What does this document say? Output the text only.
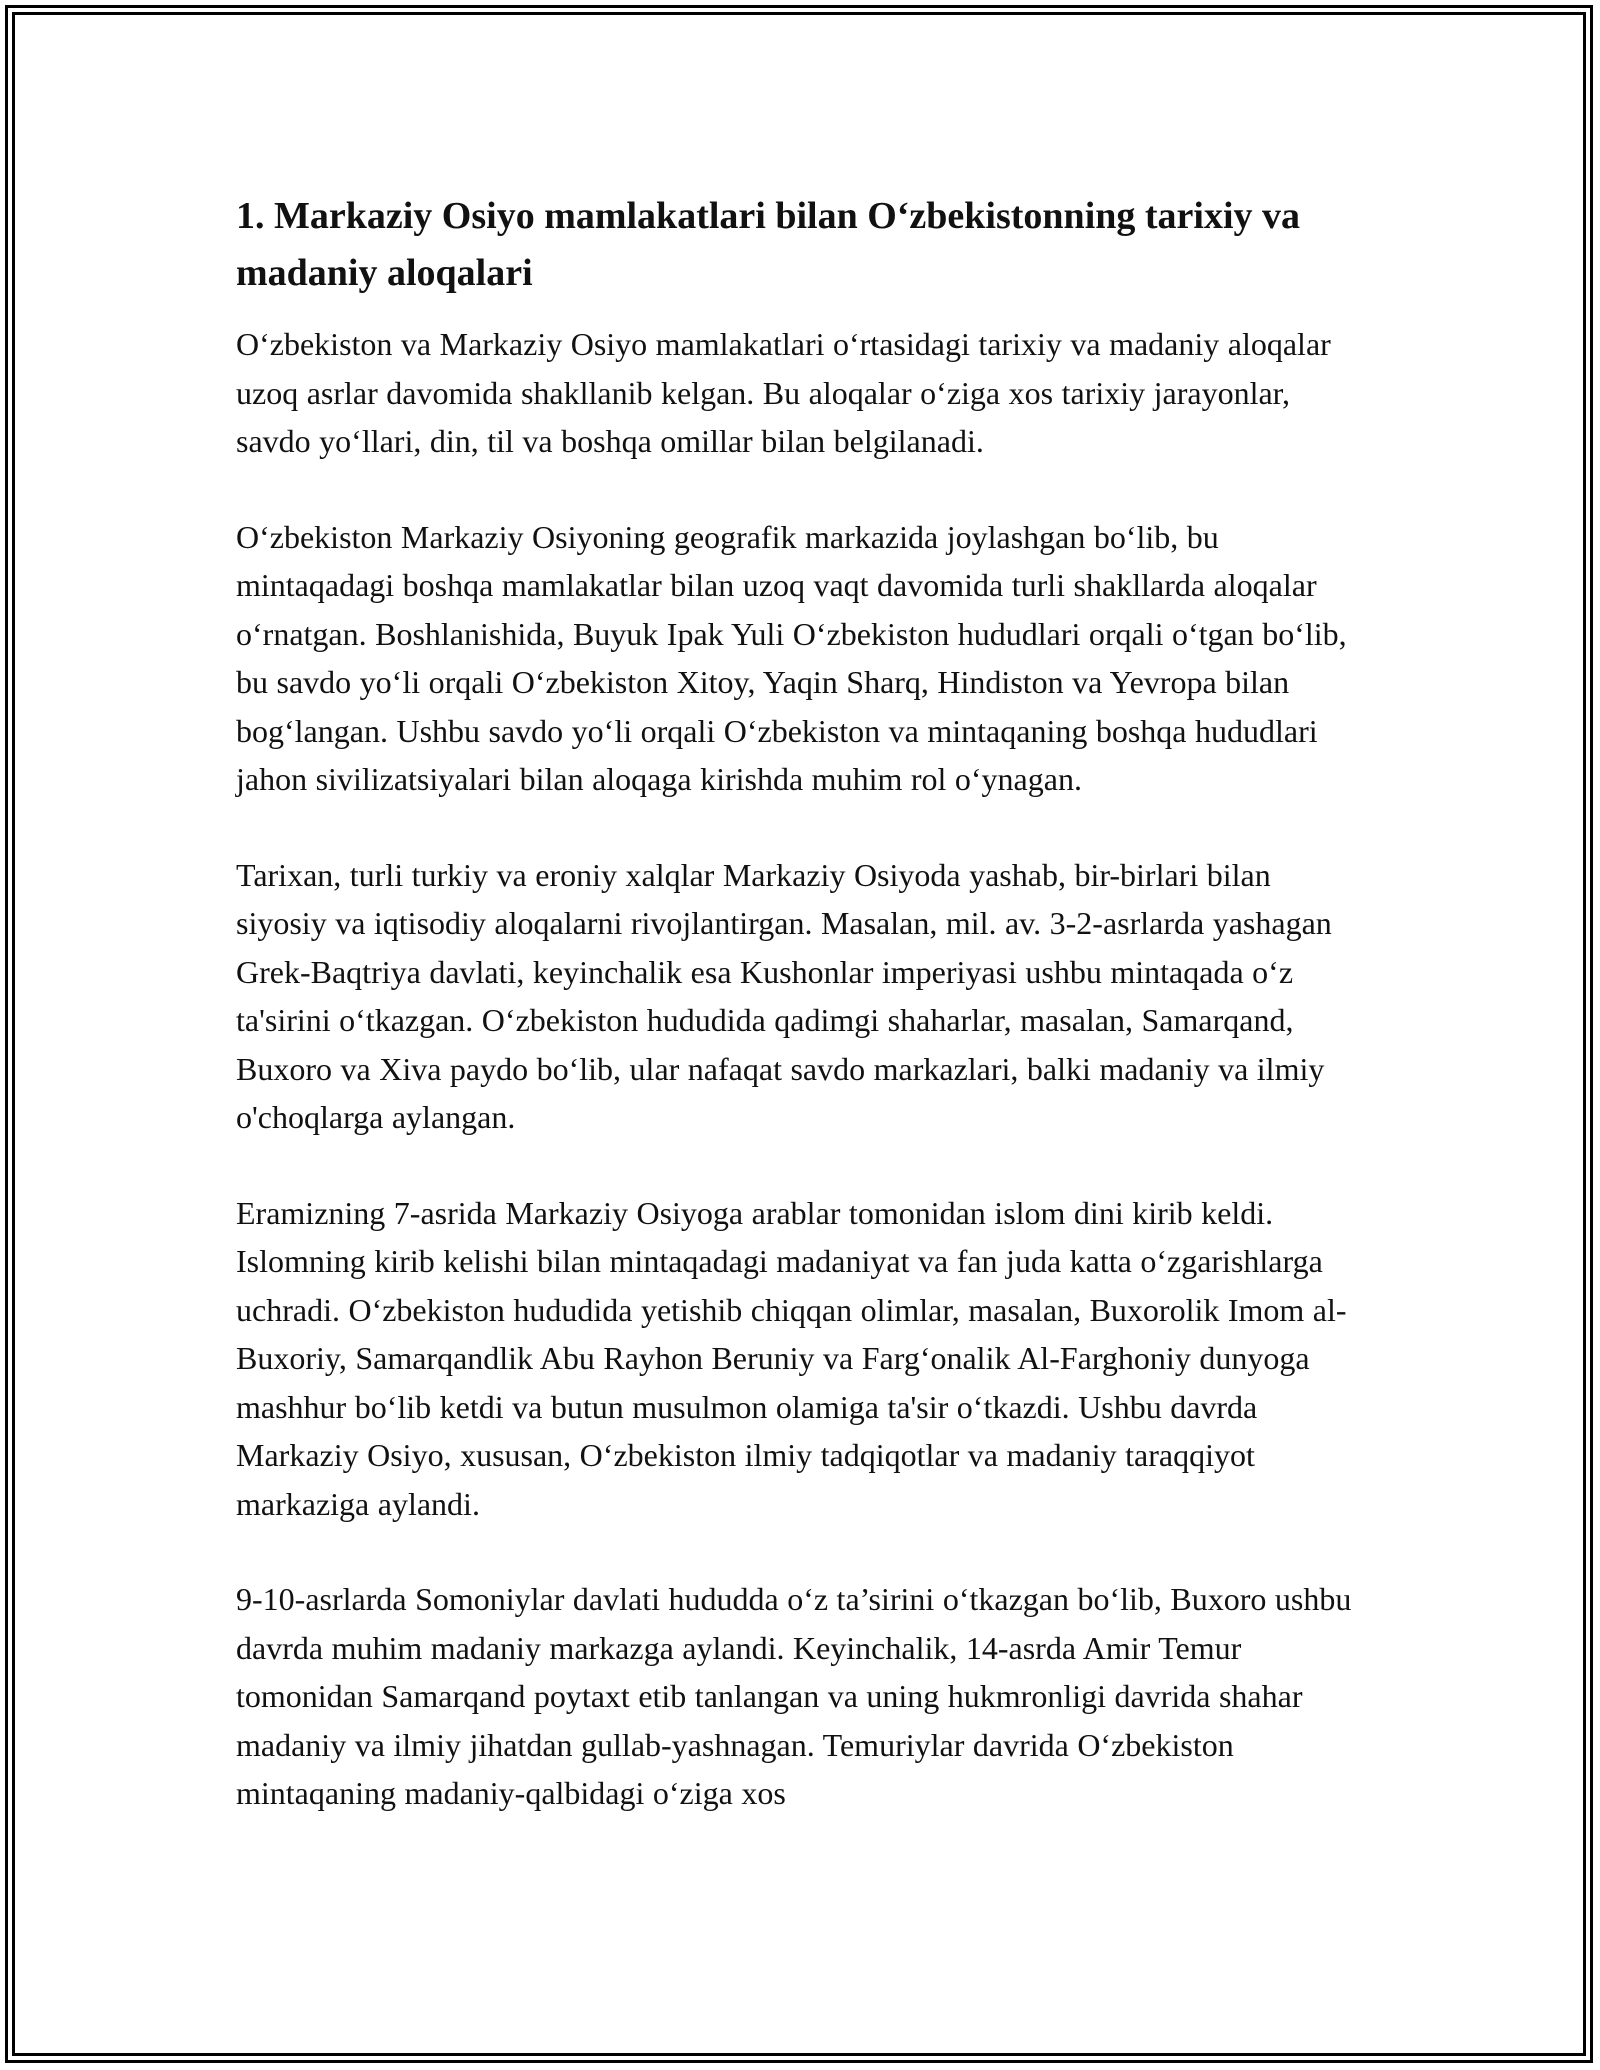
1. Markaziy Osiyo mamlakatlari bilan O‘zbekistonning tarixiy va madaniy aloqalari

O‘zbekiston va Markaziy Osiyo mamlakatlari o‘rtasidagi tarixiy va madaniy aloqalar uzoq asrlar davomida shakllanib kelgan. Bu aloqalar o‘ziga xos tarixiy jarayonlar, savdo yo‘llari, din, til va boshqa omillar bilan belgilanadi.

O‘zbekiston Markaziy Osiyoning geografik markazida joylashgan bo‘lib, bu mintaqadagi boshqa mamlakatlar bilan uzoq vaqt davomida turli shakllarda aloqalar o‘rnatgan. Boshlanishida, Buyuk Ipak Yuli O‘zbekiston hududlari orqali o‘tgan bo‘lib, bu savdo yo‘li orqali O‘zbekiston Xitoy, Yaqin Sharq, Hindiston va Yevropa bilan bog‘langan. Ushbu savdo yo‘li orqali O‘zbekiston va mintaqaning boshqa hududlari jahon sivilizatsiyalari bilan aloqaga kirishda muhim rol o‘ynagan.

Tarixan, turli turkiy va eroniy xalqlar Markaziy Osiyoda yashab, bir-birlari bilan siyosiy va iqtisodiy aloqalarni rivojlantirgan. Masalan, mil. av. 3-2-asrlarda yashagan Grek-Baqtriya davlati, keyinchalik esa Kushonlar imperiyasi ushbu mintaqada o‘z ta'sirini o‘tkazgan. O‘zbekiston hududida qadimgi shaharlar, masalan, Samarqand, Buxoro va Xiva paydo bo‘lib, ular nafaqat savdo markazlari, balki madaniy va ilmiy o'choqlarga aylangan.

Eramizning 7-asrida Markaziy Osiyoga arablar tomonidan islom dini kirib keldi. Islomning kirib kelishi bilan mintaqadagi madaniyat va fan juda katta o‘zgarishlarga uchradi. O‘zbekiston hududida yetishib chiqqan olimlar, masalan, Buxorolik Imom al-Buxoriy, Samarqandlik Abu Rayhon Beruniy va Farg‘onalik Al-Farghoniy dunyoga mashhur bo‘lib ketdi va butun musulmon olamiga ta'sir o‘tkazdi. Ushbu davrda Markaziy Osiyo, xususan, O‘zbekiston ilmiy tadqiqotlar va madaniy taraqqiyot markaziga aylandi.

9-10-asrlarda Somoniylar davlati hududda o‘z ta’sirini o‘tkazgan bo‘lib, Buxoro ushbu davrda muhim madaniy markazga aylandi. Keyinchalik, 14-asrda Amir Temur tomonidan Samarqand poytaxt etib tanlangan va uning hukmronligi davrida shahar madaniy va ilmiy jihatdan gullab-yashnagan. Temuriylar davrida O‘zbekiston mintaqaning madaniy-qalbidagi o‘ziga xos
